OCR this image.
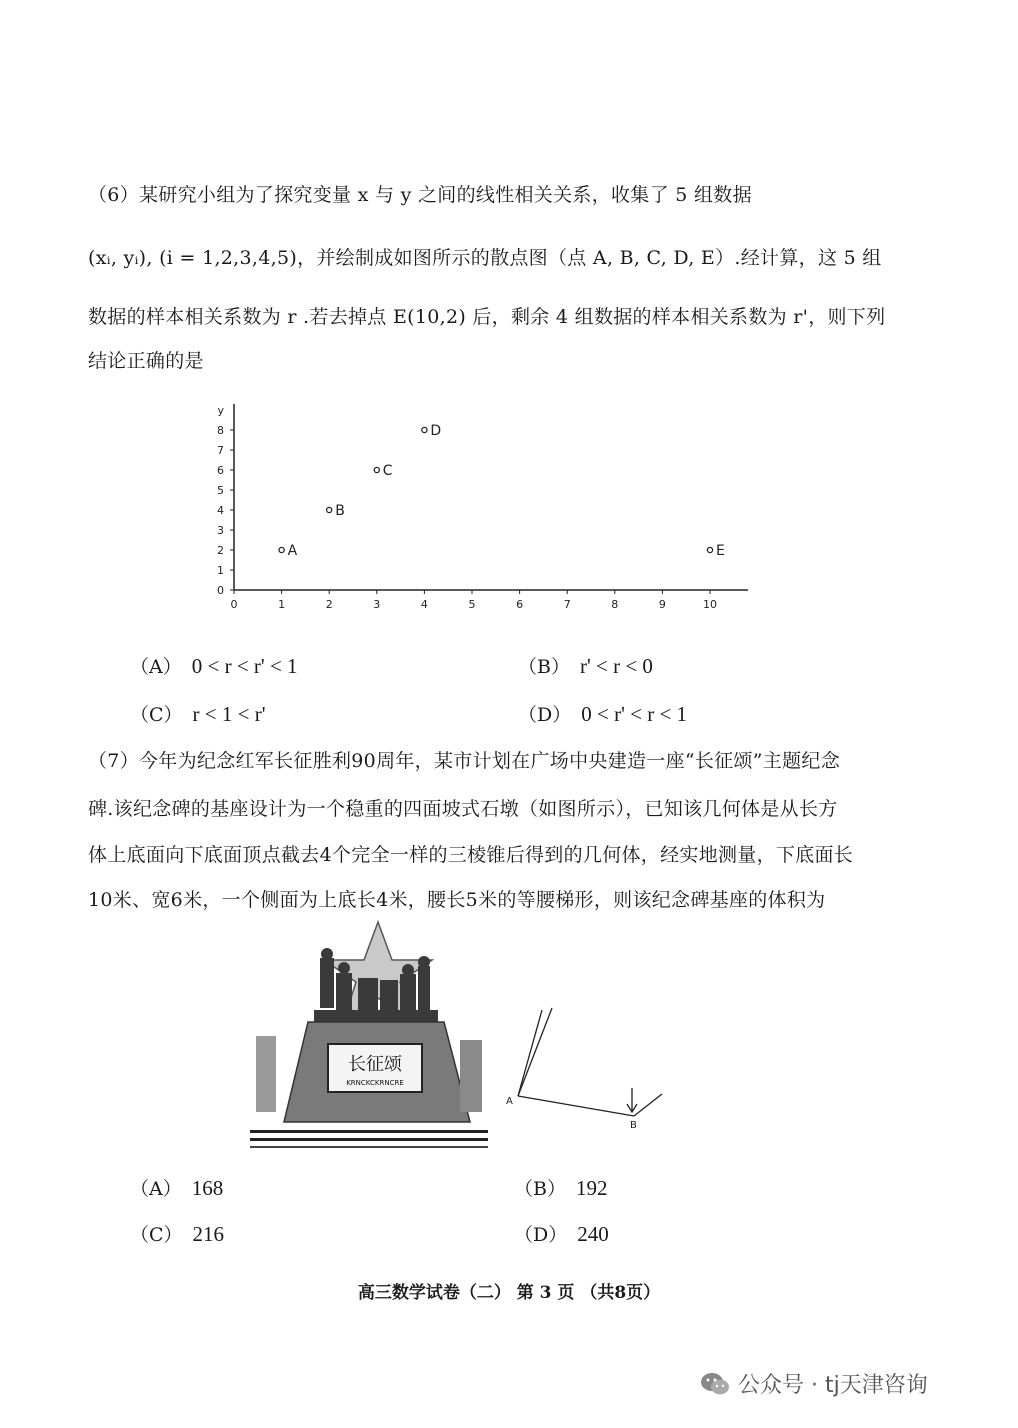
（6）某研究小组为了探究变量 x 与 y 之间的线性相关关系，收集了 5 组数据
(xᵢ, yᵢ), (i = 1,2,3,4,5)，并绘制成如图所示的散点图（点 A, B, C, D, E）.经计算，这 5 组
数据的样本相关系数为 r .若去掉点 E(10,2) 后，剩余 4 组数据的样本相关系数为 r'，则下列
结论正确的是
0	1	2	3	4	5	6	7	8	9	10
0
1
2
3
4
5
6
7
8
y
A
B
C
D
E
（A） 0 < r < r' < 1	（B） r' < r < 0
（C） r < 1 < r'	（D） 0 < r' < r < 1
（7）今年为纪念红军长征胜利90周年，某市计划在广场中央建造一座“长征颂”主题纪念
碑.该纪念碑的基座设计为一个稳重的四面坡式石墩（如图所示），已知该几何体是从长方
体上底面向下底面顶点截去4个完全一样的三棱锥后得到的几何体，经实地测量，下底面长
10米、宽6米，一个侧面为上底长4米，腰长5米的等腰梯形，则该纪念碑基座的体积为
长征颂
KRNCKCKRNCRE
A
B
（A） 168	（B） 192
（C） 216	（D） 240
高三数学试卷（二） 第 3 页 （共8页）
公众号 · tj天津咨询
